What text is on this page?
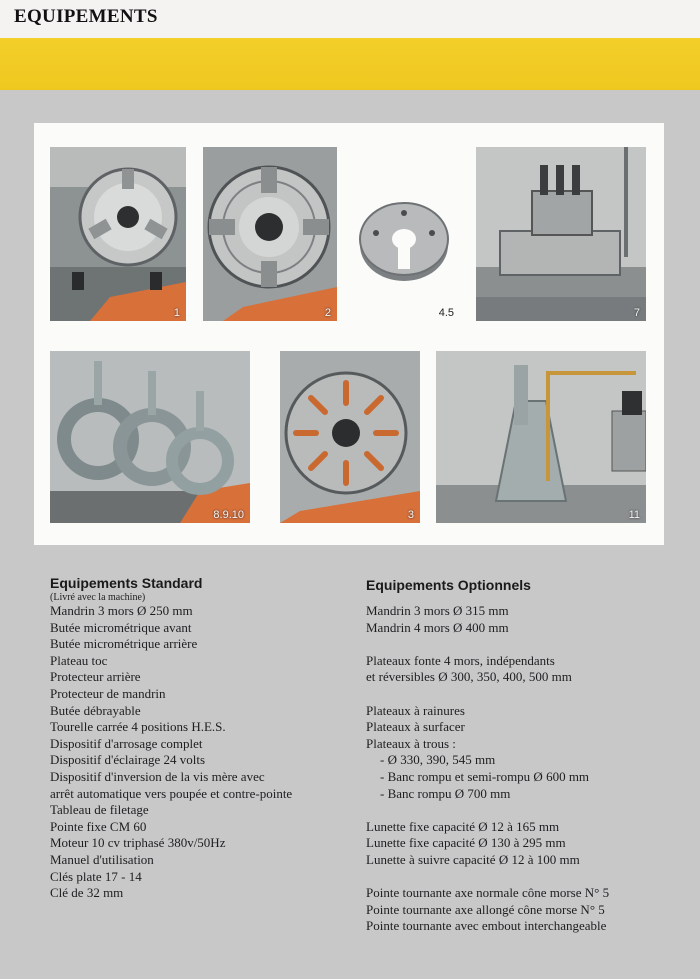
EQUIPEMENTS
1	2	4.5	7
8.9.10	3	11
Equipements Standard

(Livré avec la machine)

Mandrin 3 mors Ø 250 mm
Butée micrométrique avant
Butée micrométrique arrière
Plateau toc
Protecteur arrière
Protecteur de mandrin
Butée débrayable
Tourelle carrée 4 positions H.E.S.
Dispositif d'arrosage complet
Dispositif d'éclairage 24 volts
Dispositif d'inversion de la vis mère avec
arrêt automatique vers poupée et contre-pointe
Tableau de filetage
Pointe fixe CM 60
Moteur 10 cv triphasé 380v/50Hz
Manuel d'utilisation
Clés plate 17 - 14
Clé de 32 mm
Equipements Optionnels
Mandrin 3 mors Ø 315 mm
Mandrin 4 mors Ø 400 mm
Plateaux fonte 4 mors, indépendants
et réversibles Ø 300, 350, 400, 500 mm
Plateaux à rainures
Plateaux à surfacer
Plateaux à trous :
- Ø 330, 390, 545 mm
- Banc rompu et semi-rompu Ø 600 mm
- Banc rompu Ø 700 mm
Lunette fixe capacité Ø 12 à 165 mm
Lunette fixe capacité Ø 130 à 295 mm
Lunette à suivre capacité Ø 12 à 100 mm
Pointe tournante axe normale cône morse N° 5
Pointe tournante axe allongé cône morse N° 5
Pointe tournante avec embout interchangeable
